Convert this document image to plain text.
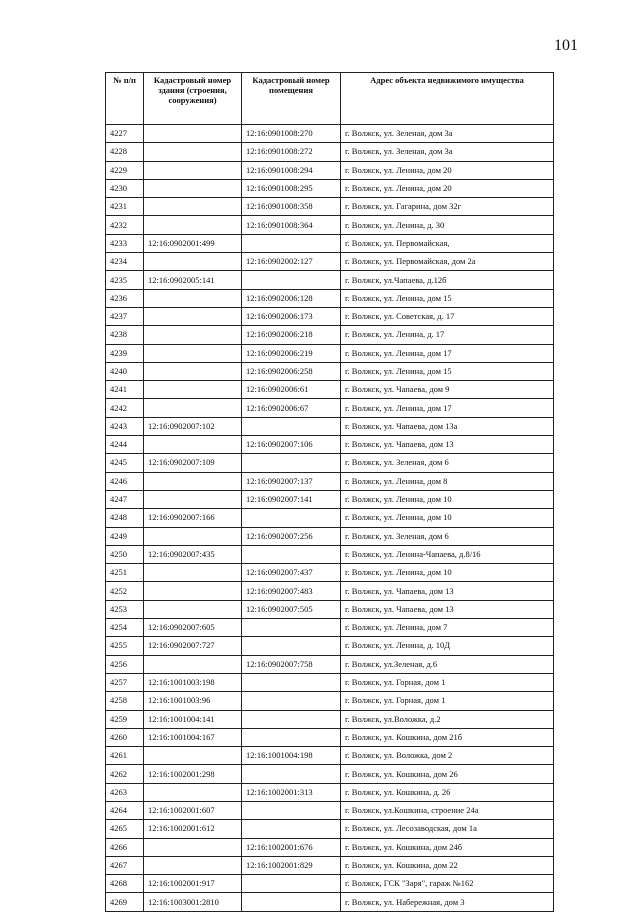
101
№ п/п	Кадастровый номер здания (строения, сооружения)	Кадастровый номер помещения	Адрес объекта недвижимого имущества
4227		12:16:0901008:270	г. Волжск, ул. Зеленая, дом 3а
4228		12:16:0901008:272	г. Волжск, ул. Зеленая, дом 3а
4229		12:16:0901008:294	г. Волжск, ул. Ленина, дом 20
4230		12:16:0901008:295	г. Волжск, ул. Ленина, дом 20
4231		12:16:0901008:358	г. Волжск, ул. Гагарина, дом 32г
4232		12:16:0901008:364	г. Волжск, ул. Ленина, д. 30
4233	12:16:0902001:499		г. Волжск, ул. Первомайская,
4234		12:16:0902002:127	г. Волжск, ул. Первомайская, дом 2а
4235	12:16:0902005:141		г. Волжск, ул.Чапаева, д.12б
4236		12:16:0902006:128	г. Волжск, ул. Ленина, дом 15
4237		12:16:0902006:173	г. Волжск, ул. Советская, д. 17
4238		12:16:0902006:218	г. Волжск, ул. Ленина, д. 17
4239		12:16:0902006:219	г. Волжск, ул. Ленина, дом 17
4240		12:16:0902006:258	г. Волжск, ул. Ленина, дом 15
4241		12:16:0902006:61	г. Волжск, ул. Чапаева, дом 9
4242		12:16:0902006:67	г. Волжск, ул. Ленина, дом 17
4243	12:16:0902007:102		г. Волжск, ул. Чапаева, дом 13а
4244		12:16:0902007:106	г. Волжск, ул. Чапаева, дом 13
4245	12:16:0902007:109		г. Волжск, ул. Зеленая, дом 6
4246		12:16:0902007:137	г. Волжск, ул. Ленина, дом 8
4247		12:16:0902007:141	г. Волжск, ул. Ленина, дом 10
4248	12:16:0902007:166		г. Волжск, ул. Ленина, дом 10
4249		12:16:0902007:256	г. Волжск, ул. Зеленая, дом 6
4250	12:16:0902007:435		г. Волжск, ул. Ленина-Чапаева, д.8/16
4251		12:16:0902007:437	г. Волжск, ул. Ленина, дом 10
4252		12:16:0902007:483	г. Волжск, ул. Чапаева, дом 13
4253		12:16:0902007:505	г. Волжск, ул. Чапаева, дом 13
4254	12:16:0902007:605		г. Волжск, ул. Ленина, дом 7
4255	12:16:0902007:727		г. Волжск, ул. Ленина, д. 10Д
4256		12:16:0902007:758	г. Волжск, ул.Зеленая, д.6
4257	12:16:1001003:198		г. Волжск, ул. Горная, дом 1
4258	12:16:1001003:96		г. Волжск, ул. Горная, дом 1
4259	12:16:1001004:141		г. Волжск, ул.Воложка, д.2
4260	12:16:1001004:167		г. Волжск, ул. Кошкина, дом 21б
4261		12:16:1001004:198	г. Волжск, ул. Воложка, дом 2
4262	12:16:1002001:298		г. Волжск, ул. Кошкина, дом 26
4263		12:16:1002001:313	г. Волжск, ул. Кошкина, д. 26
4264	12:16:1002001:607		г. Волжск, ул.Кошкина, строение 24а
4265	12:16:1002001:612		г. Волжск, ул. Лесозаводская, дом 1а
4266		12:16:1002001:676	г. Волжск, ул. Кошкина, дом 24б
4267		12:16:1002001:829	г. Волжск, ул. Кошкина, дом 22
4268	12:16:1002001:917		г. Волжск, ГСК "Заря", гараж №162
4269	12:16:1003001:2810		г. Волжск, ул. Набережная, дом 3
